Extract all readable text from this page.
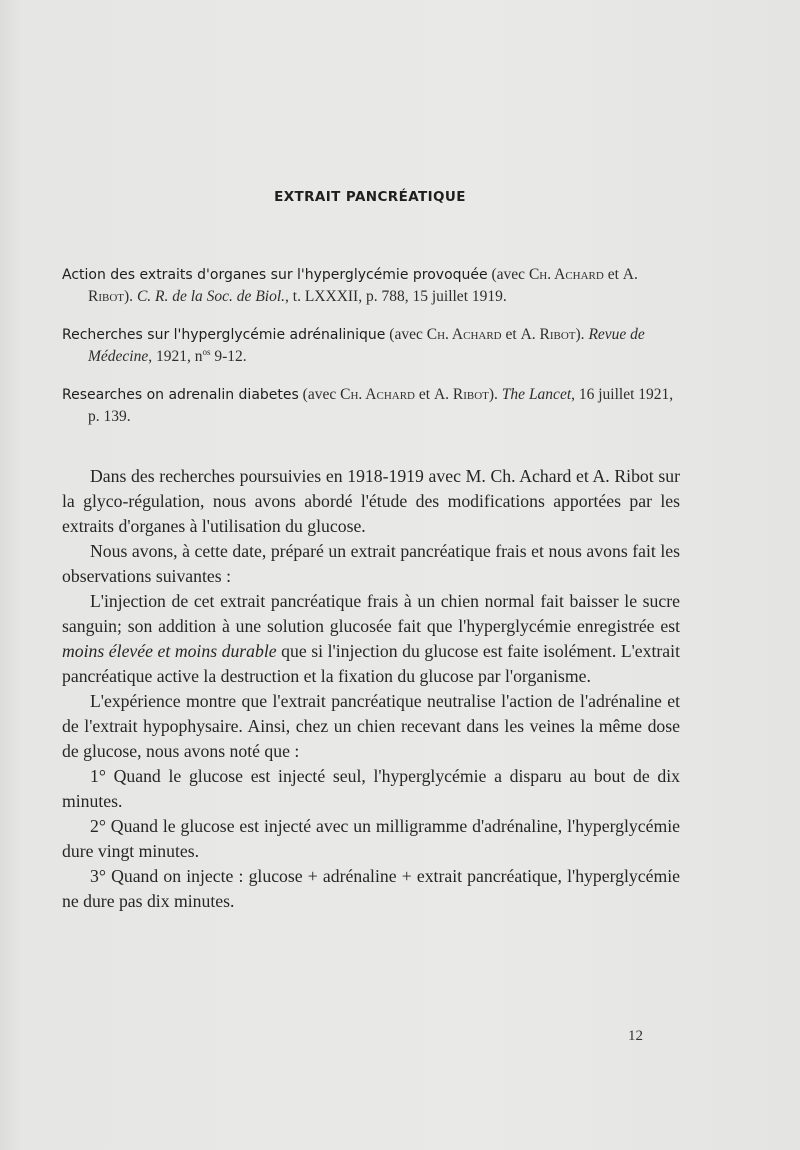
EXTRAIT PANCRÉATIQUE
Action des extraits d'organes sur l'hyperglycémie provoquée (avec Ch. Achard et A. Ribot). C. R. de la Soc. de Biol., t. LXXXII, p. 788, 15 juillet 1919.
Recherches sur l'hyperglycémie adrénalinique (avec Ch. Achard et A. Ribot). Revue de Médecine, 1921, $n^{os}$ 9-12.
Researches on adrenalin diabetes (avec Ch. Achard et A. Ribot). The Lancet, 16 juillet 1921, p. 139.

Dans des recherches poursuivies en 1918-1919 avec M. Ch. Achard et A. Ribot sur la glyco-régulation, nous avons abordé l'étude des modifications apportées par les extraits d'organes à l'utilisation du glucose.

Nous avons, à cette date, préparé un extrait pancréatique frais et nous avons fait les observations suivantes :

L'injection de cet extrait pancréatique frais à un chien normal fait baisser le sucre sanguin; son addition à une solution glucosée fait que l'hyperglycémie enregistrée est moins élevée et moins durable que si l'injection du glucose est faite isolément. L'extrait pancréatique active la destruction et la fixation du glucose par l'organisme.

L'expérience montre que l'extrait pancréatique neutralise l'action de l'adrénaline et de l'extrait hypophysaire. Ainsi, chez un chien recevant dans les veines la même dose de glucose, nous avons noté que :

1° Quand le glucose est injecté seul, l'hyperglycémie a disparu au bout de dix minutes.

2° Quand le glucose est injecté avec un milligramme d'adrénaline, l'hyperglycémie dure vingt minutes.

3° Quand on injecte : glucose + adrénaline + extrait pancréatique, l'hyperglycémie ne dure pas dix minutes.

12
